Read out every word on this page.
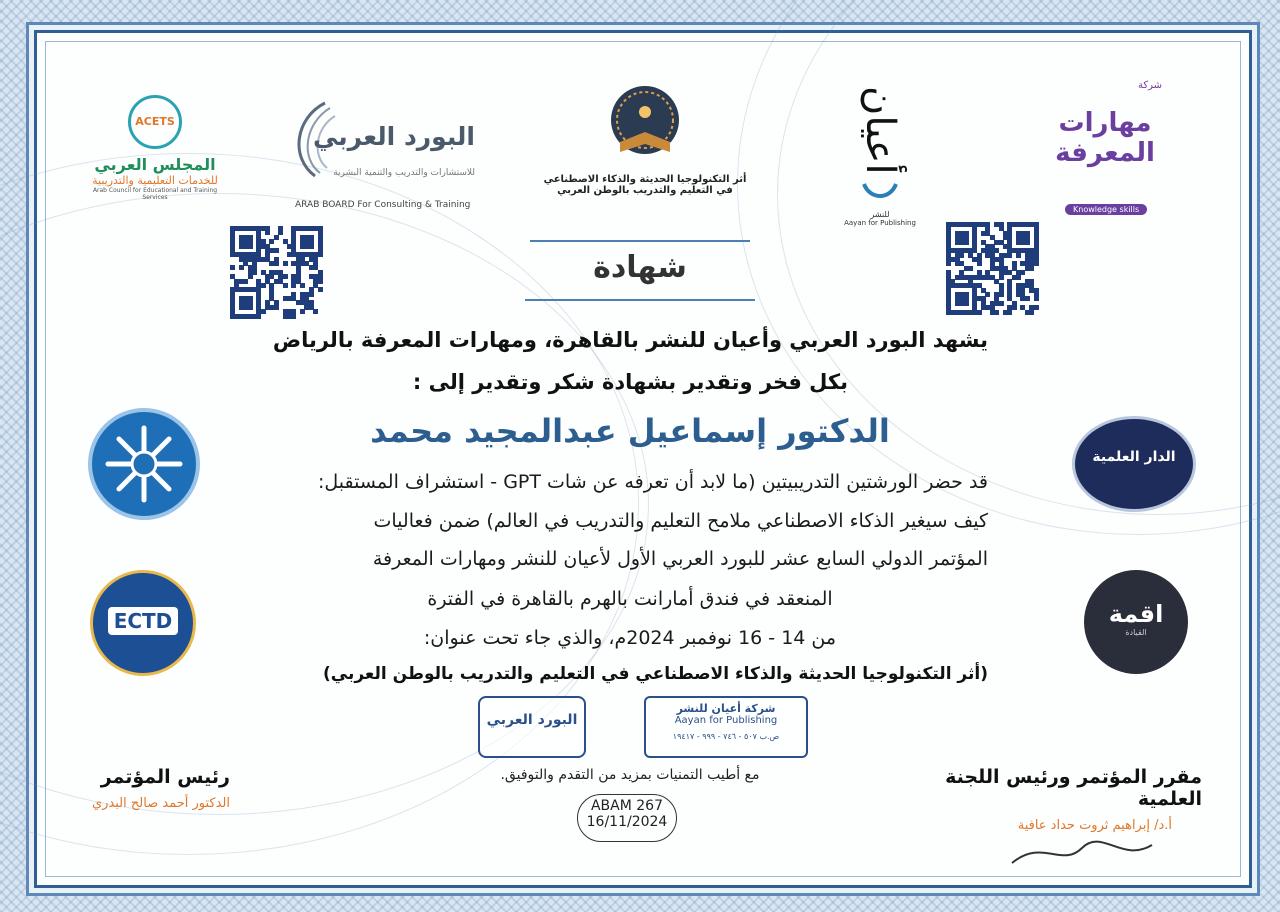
ACETS
المجلس العربي
للخدمات التعليمية والتدريبية
Arab Council for Educational and Training Services
البورد العربي
للاستشارات والتدريب والتنمية البشرية
ARAB BOARD For Consulting & Training
أثر التكنولوجيا الحديثة والذكاء الاصطناعي
في التعليم والتدريب بالوطن العربي
أعيان
للنشر
Aayan for Publishing
شركة
مهارات المعرفة
Knowledge skills
شهادة
يشهد البورد العربي وأعيان للنشر بالقاهرة، ومهارات المعرفة بالرياض
بكل فخر وتقدير بشهادة شكر وتقدير إلى :
الدكتور إسماعيل عبدالمجيد محمد
قد حضر الورشتين التدريبيتين (ما لابد أن تعرفه عن شات GPT - استشراف المستقبل:
كيف سيغير الذكاء الاصطناعي ملامح التعليم والتدريب في العالم) ضمن فعاليات
المؤتمر الدولي السابع عشر للبورد العربي الأول لأعيان للنشر ومهارات المعرفة
المنعقد في فندق أمارانت بالهرم بالقاهرة في الفترة
من 14 - 16 نوفمبر 2024م، والذي جاء تحت عنوان:
(أثر التكنولوجيا الحديثة والذكاء الاصطناعي في التعليم والتدريب بالوطن العربي)
ECTD
الدار العلمية
اقمة
القيادة
البورد العربي
شركة أعيان للنشر
Aayan for Publishing
ص.ب ٥٠٧ - ٧٤٦ - ٩٩٩ - ١٩٤١٧
مع أطيب التمنيات بمزيد من التقدم والتوفيق.
ABAM 267
16/11/2024
مقرر المؤتمر ورئيس اللجنة العلمية
أ.د/ إبراهيم ثروت حداد عافية
رئيس المؤتمر
الدكتور أحمد صالح البدري
